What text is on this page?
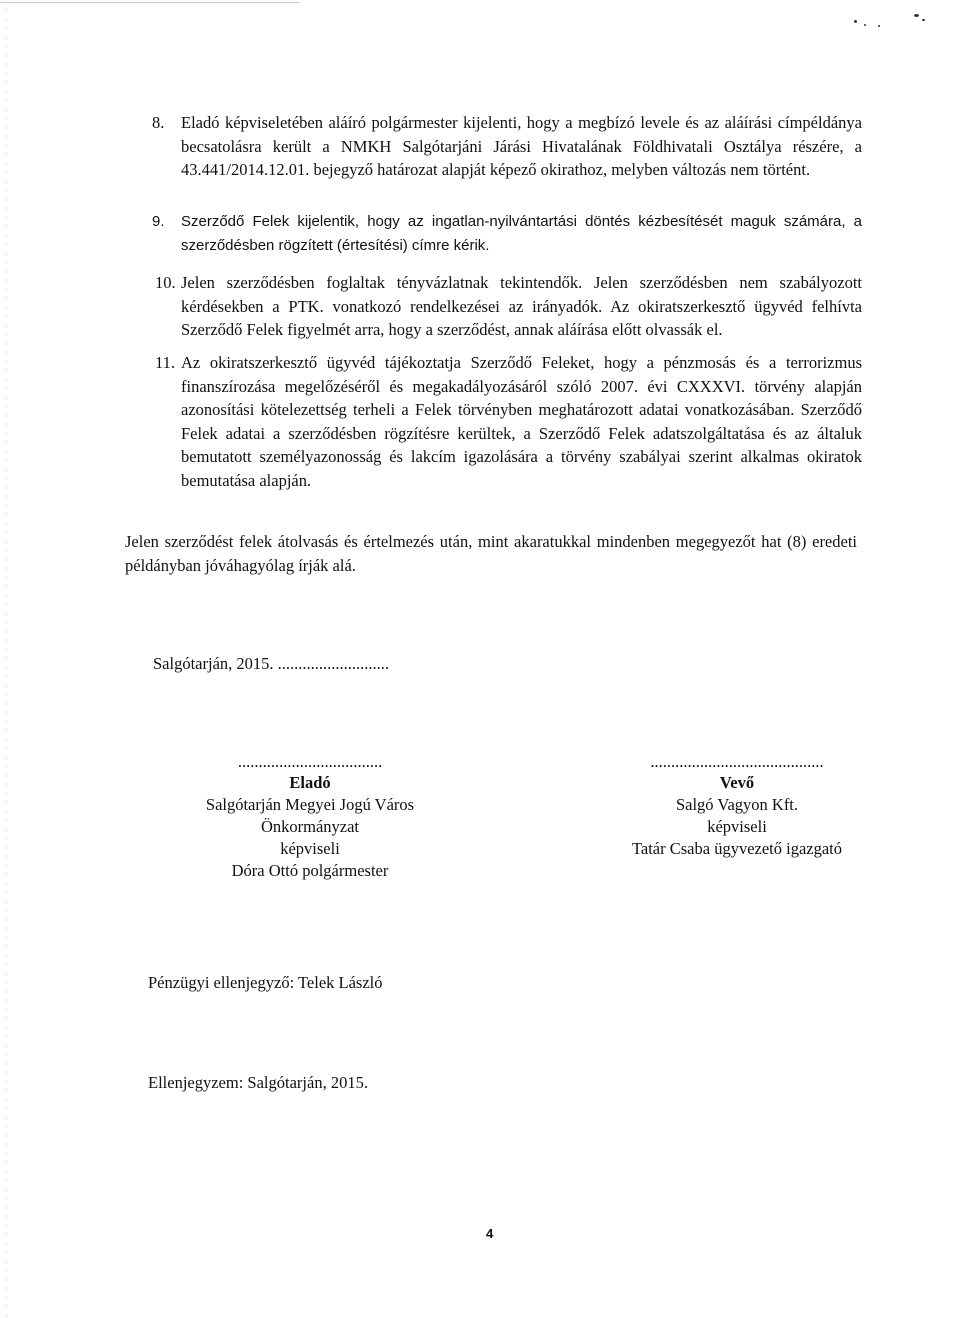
8. Eladó képviseletében aláíró polgármester kijelenti, hogy a megbízó levele és az aláírási címpéldánya becsatolásra került a NMKH Salgótarjáni Járási Hivatalának Földhivatali Osztálya részére, a 43.441/2014.12.01. bejegyző határozat alapját képező okirathoz, melyben változás nem történt.
9. Szerződő Felek kijelentik, hogy az ingatlan-nyilvántartási döntés kézbesítését maguk számára, a szerződésben rögzített (értesítési) címre kérik.
10. Jelen szerződésben foglaltak tényvázlatnak tekintendők. Jelen szerződésben nem szabályozott kérdésekben a PTK. vonatkozó rendelkezései az irányadók. Az okiratszerkesztő ügyvéd felhívta Szerződő Felek figyelmét arra, hogy a szerződést, annak aláírása előtt olvassák el.
11. Az okiratszerkesztő ügyvéd tájékoztatja Szerződő Feleket, hogy a pénzmosás és a terrorizmus finanszírozása megelőzéséről és megakadályozásáról szóló 2007. évi CXXXVI. törvény alapján azonosítási kötelezettség terheli a Felek törvényben meghatározott adatai vonatkozásában. Szerződő Felek adatai a szerződésben rögzítésre kerültek, a Szerződő Felek adatszolgáltatása és az általuk bemutatott személyazonosság és lakcím igazolására a törvény szabályai szerint alkalmas okiratok bemutatása alapján.
Jelen szerződést felek átolvasás és értelmezés után, mint akaratukkal mindenben megegyezőt hat (8) eredeti példányban jóváhagyólag írják alá.
Salgótarján, 2015. ...........................
...................................
Eladó
Salgótarján Megyei Jogú Város Önkormányzat
képviseli
Dóra Ottó polgármester
..........................................
Vevő
Salgó Vagyon Kft.
képviseli
Tatár Csaba ügyvezető igazgató
Pénzügyi ellenjegyző: Telek László
Ellenjegyzem: Salgótarján, 2015.
4
